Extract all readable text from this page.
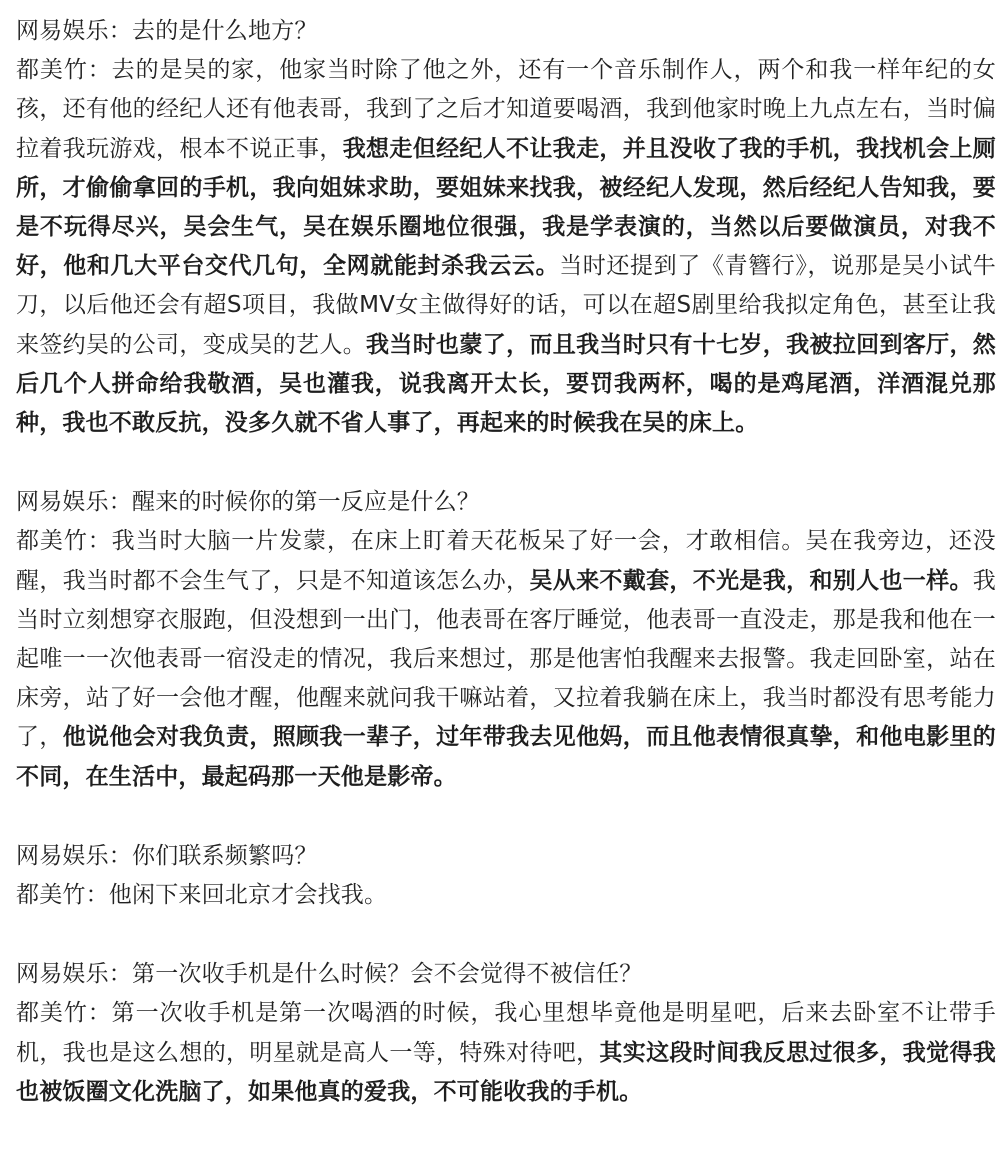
网易娱乐：去的是什么地方？

都美竹：去的是吴的家，他家当时除了他之外，还有一个音乐制作人，两个和我一样年纪的女孩，还有他的经纪人还有他表哥，我到了之后才知道要喝酒，我到他家时晚上九点左右，当时偏拉着我玩游戏，根本不说正事，我想走但经纪人不让我走，并且没收了我的手机，我找机会上厕所，才偷偷拿回的手机，我向姐妹求助，要姐妹来找我，被经纪人发现，然后经纪人告知我，要是不玩得尽兴，吴会生气，吴在娱乐圈地位很强，我是学表演的，当然以后要做演员，对我不好，他和几大平台交代几句，全网就能封杀我云云。当时还提到了《青簪行》，说那是吴小试牛刀，以后他还会有超S项目，我做MV女主做得好的话，可以在超S剧里给我拟定角色，甚至让我来签约吴的公司，变成吴的艺人。我当时也蒙了，而且我当时只有十七岁，我被拉回到客厅，然后几个人拼命给我敬酒，吴也灌我，说我离开太长，要罚我两杯，喝的是鸡尾酒，洋酒混兑那种，我也不敢反抗，没多久就不省人事了，再起来的时候我在吴的床上。

网易娱乐：醒来的时候你的第一反应是什么？

都美竹：我当时大脑一片发蒙，在床上盯着天花板呆了好一会，才敢相信。吴在我旁边，还没醒，我当时都不会生气了，只是不知道该怎么办，吴从来不戴套，不光是我，和别人也一样。我当时立刻想穿衣服跑，但没想到一出门，他表哥在客厅睡觉，他表哥一直没走，那是我和他在一起唯一一次他表哥一宿没走的情况，我后来想过，那是他害怕我醒来去报警。我走回卧室，站在床旁，站了好一会他才醒，他醒来就问我干嘛站着，又拉着我躺在床上，我当时都没有思考能力了，他说他会对我负责，照顾我一辈子，过年带我去见他妈，而且他表情很真挚，和他电影里的不同，在生活中，最起码那一天他是影帝。

网易娱乐：你们联系频繁吗？

都美竹：他闲下来回北京才会找我。

网易娱乐：第一次收手机是什么时候？会不会觉得不被信任？

都美竹：第一次收手机是第一次喝酒的时候，我心里想毕竟他是明星吧，后来去卧室不让带手机，我也是这么想的，明星就是高人一等，特殊对待吧，其实这段时间我反思过很多，我觉得我也被饭圈文化洗脑了，如果他真的爱我，不可能收我的手机。
